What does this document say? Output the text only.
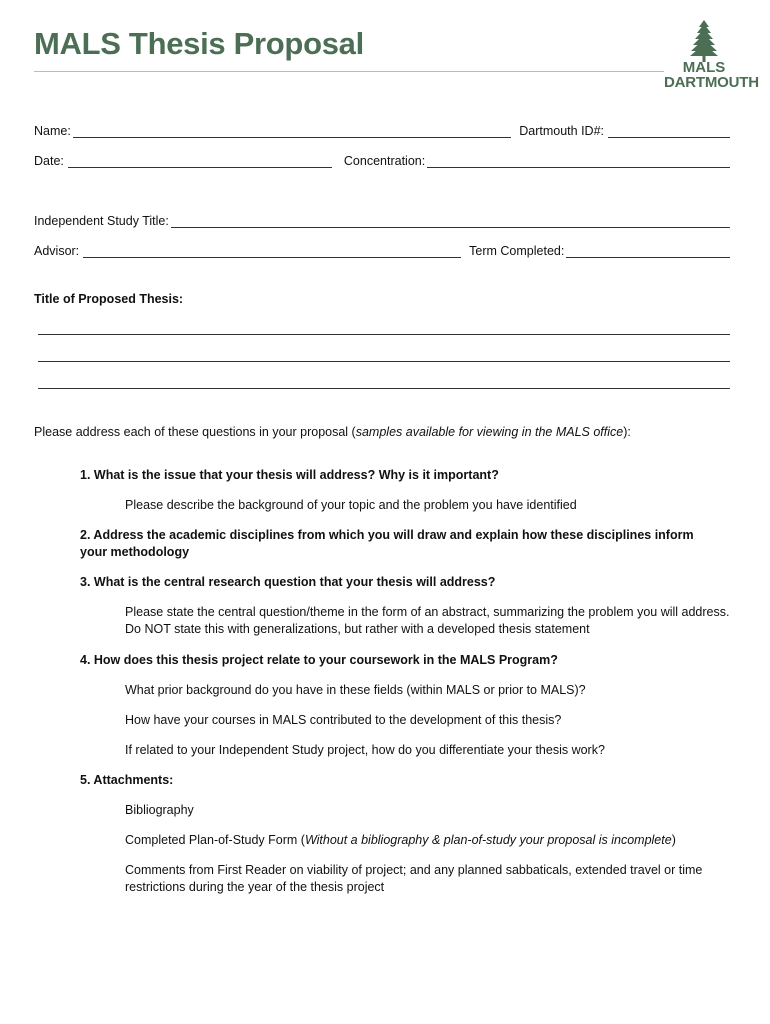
MALS Thesis Proposal
MALS
DARTMOUTH
Name:	Dartmouth ID#:
Date:	Concentration:
Independent Study Title:
Advisor:	Term Completed:
Title of Proposed Thesis:
Please address each of these questions in your proposal (samples available for viewing in the MALS office):
1. What is the issue that your thesis will address? Why is it important?
Please describe the background of your topic and the problem you have identified
2. Address the academic disciplines from which you will draw and explain how these disciplines inform your methodology
3. What is the central research question that your thesis will address?
Please state the central question/theme in the form of an abstract, summarizing the problem you will address. Do NOT state this with generalizations, but rather with a developed thesis statement
4. How does this thesis project relate to your coursework in the MALS Program?
What prior background do you have in these fields (within MALS or prior to MALS)?
How have your courses in MALS contributed to the development of this thesis?
If related to your Independent Study project, how do you differentiate your thesis work?
5. Attachments:
Bibliography
Completed Plan-of-Study Form (Without a bibliography & plan-of-study your proposal is incomplete)
Comments from First Reader on viability of project; and any planned sabbaticals, extended travel or time restrictions during the year of the thesis project
